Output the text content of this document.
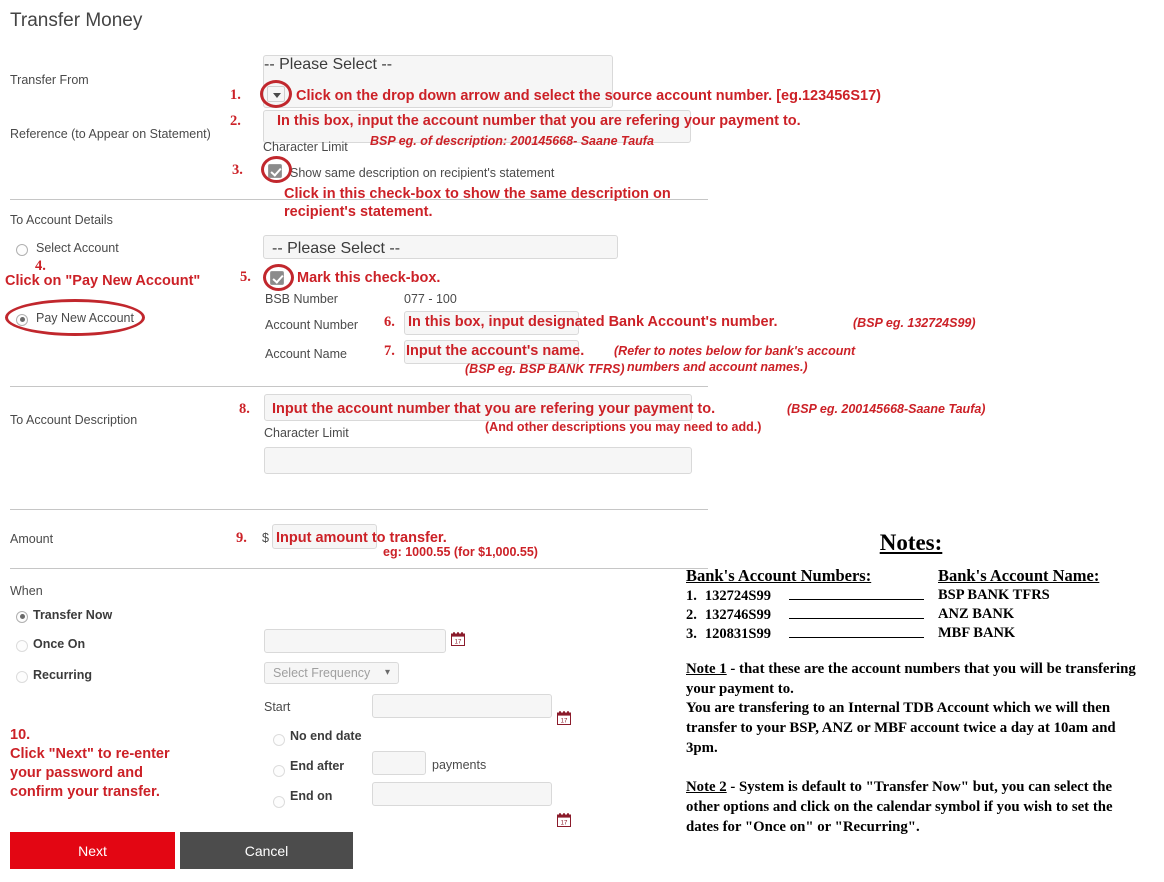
Transfer Money
Transfer From
-- Please Select --
Reference (to Appear on Statement)
Character Limit
Show same description on recipient's statement
To Account Details
Select Account
Pay New Account
-- Please Select --
BSB Number	077 - 100
Account Number
Account Name
To Account Description
Character Limit
Amount	$
When
Transfer Now
Once On	17
Recurring	Select Frequency ▾
Start
17
No end date
End after	payments
End on
17
Next	Cancel
1.	Click on the drop down arrow and select the source account number. [eg.123456S17)
2. In this box, input the account number that you are refering your payment to.
BSP eg. of description: 200145668- Saane Taufa
3.
Click in this check-box to show the same description on
recipient's statement.
4.
Click on "Pay New Account"	5.	Mark this check-box.
6. In this box, input designated Bank Account's number.	(BSP eg. 132724S99)
7. Input the account's name.
(BSP eg. BSP BANK TFRS)
(Refer to notes below for bank's account
numbers and account names.)
8. Input the account number that you are refering your payment to.	(BSP eg. 200145668-Saane Taufa)
(And other descriptions you may need to add.)
9. Input amount to transfer.
eg: 1000.55 (for $1,000.55)
10.
Click "Next" to re-enter
your password and
confirm your transfer.
Notes:
Bank's Account Numbers:	Bank's Account Name:
1. 132724S99	BSP BANK TFRS
2. 132746S99	ANZ BANK
3. 120831S99	MBF BANK
Note 1 - that these are the account numbers that you will be transfering your payment to.
You are transfering to an Internal TDB Account which we will then transfer to your BSP, ANZ or MBF account twice a day at 10am and 3pm.
Note 2 - System is default to "Transfer Now" but, you can select the other options and click on the calendar symbol if you wish to set the dates for "Once on" or "Recurring".
